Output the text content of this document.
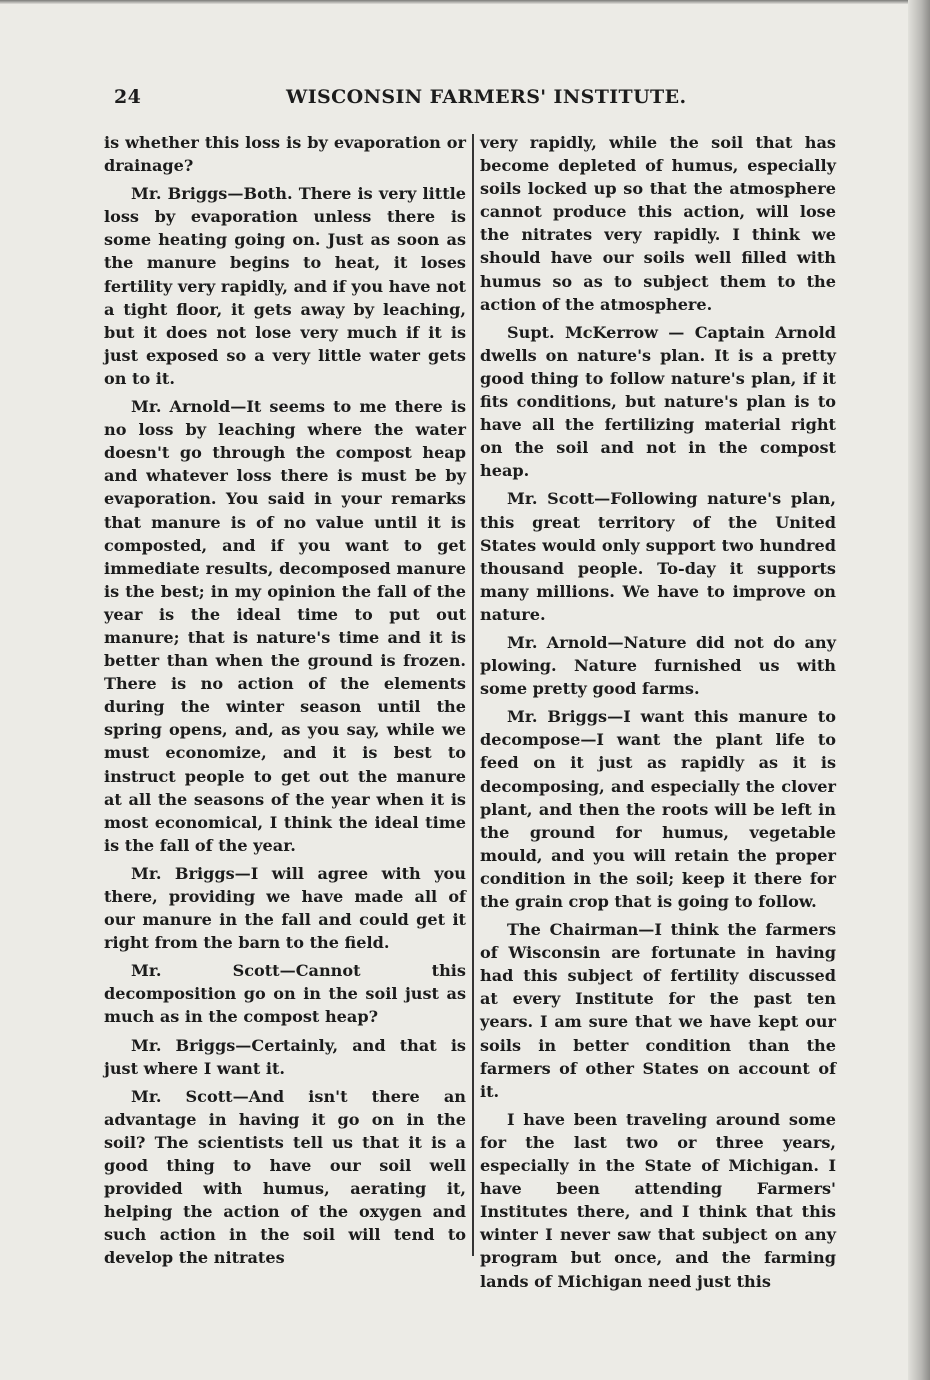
24	WISCONSIN FARMERS' INSTITUTE.

is whether this loss is by evaporation or drainage?

Mr. Briggs—Both. There is very little loss by evaporation unless there is some heating going on. Just as soon as the manure begins to heat, it loses fertility very rapidly, and if you have not a tight floor, it gets away by leaching, but it does not lose very much if it is just exposed so a very little water gets on to it.

Mr. Arnold—It seems to me there is no loss by leaching where the water doesn't go through the compost heap and whatever loss there is must be by evaporation. You said in your remarks that manure is of no value until it is composted, and if you want to get immediate results, decomposed manure is the best; in my opinion the fall of the year is the ideal time to put out manure; that is nature's time and it is better than when the ground is frozen. There is no action of the elements during the winter season until the spring opens, and, as you say, while we must economize, and it is best to instruct people to get out the manure at all the seasons of the year when it is most economical, I think the ideal time is the fall of the year.

Mr. Briggs—I will agree with you there, providing we have made all of our manure in the fall and could get it right from the barn to the field.

Mr. Scott—Cannot this decomposition go on in the soil just as much as in the compost heap?

Mr. Briggs—Certainly, and that is just where I want it.

Mr. Scott—And isn't there an advantage in having it go on in the soil? The scientists tell us that it is a good thing to have our soil well provided with humus, aerating it, helping the action of the oxygen and such action in the soil will tend to develop the nitrates

very rapidly, while the soil that has become depleted of humus, especially soils locked up so that the atmosphere cannot produce this action, will lose the nitrates very rapidly. I think we should have our soils well filled with humus so as to subject them to the action of the atmosphere.

Supt. McKerrow — Captain Arnold dwells on nature's plan. It is a pretty good thing to follow nature's plan, if it fits conditions, but nature's plan is to have all the fertilizing material right on the soil and not in the compost heap.

Mr. Scott—Following nature's plan, this great territory of the United States would only support two hundred thousand people. To-day it supports many millions. We have to improve on nature.

Mr. Arnold—Nature did not do any plowing. Nature furnished us with some pretty good farms.

Mr. Briggs—I want this manure to decompose—I want the plant life to feed on it just as rapidly as it is decomposing, and especially the clover plant, and then the roots will be left in the ground for humus, vegetable mould, and you will retain the proper condition in the soil; keep it there for the grain crop that is going to follow.

The Chairman—I think the farmers of Wisconsin are fortunate in having had this subject of fertility discussed at every Institute for the past ten years. I am sure that we have kept our soils in better condition than the farmers of other States on account of it.

I have been traveling around some for the last two or three years, especially in the State of Michigan. I have been attending Farmers' Institutes there, and I think that this winter I never saw that subject on any program but once, and the farming lands of Michigan need just this
